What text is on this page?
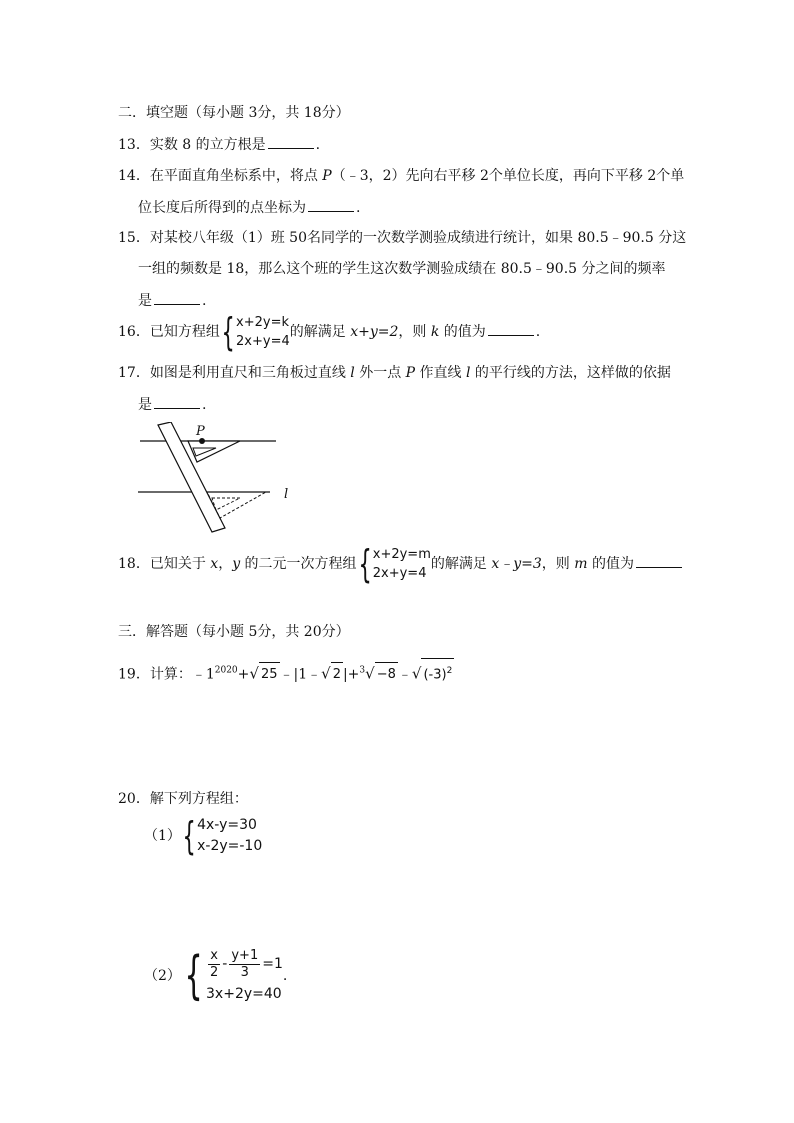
二．填空题（每小题 3分，共 18分）
13．实数 8 的立方根是	.
14．在平面直角坐标系中，将点 P（﹣3，2）先向右平移 2个单位长度，再向下平移 2个单
位长度后所得到的点坐标为	.
15．对某校八年级（1）班 50名同学的一次数学测验成绩进行统计，如果 80.5﹣90.5 分这
一组的频数是 18，那么这个班的学生这次数学测验成绩在 80.5﹣90.5 分之间的频率
是	.
16．已知方程组 { x+2y=k
2x+y=4
的解满足 x+y=2，则 k 的值为	.
17．如图是利用直尺和三角板过直线 l 外一点 P 作直线 l 的平行线的方法，这样做的依据
是	.
P
l
18．已知关于 x，y 的二元一次方程组 { x+2y=m
2x+y=4
的解满足 x﹣y=3，则 m 的值为
三．解答题（每小题 5分，共 20分）
19．计算：$﹣1^{2020}+√$ 25 ﹣|1﹣√ 2 |+$^3$√ −8 ﹣√ $(-3)^2$
20．解下列方程组：
（1） { 4x-y=30
x-2y=-10
（2） { $\frac{x}{2} - \frac{y+1}{3} =1$
3x+2y=40
.
